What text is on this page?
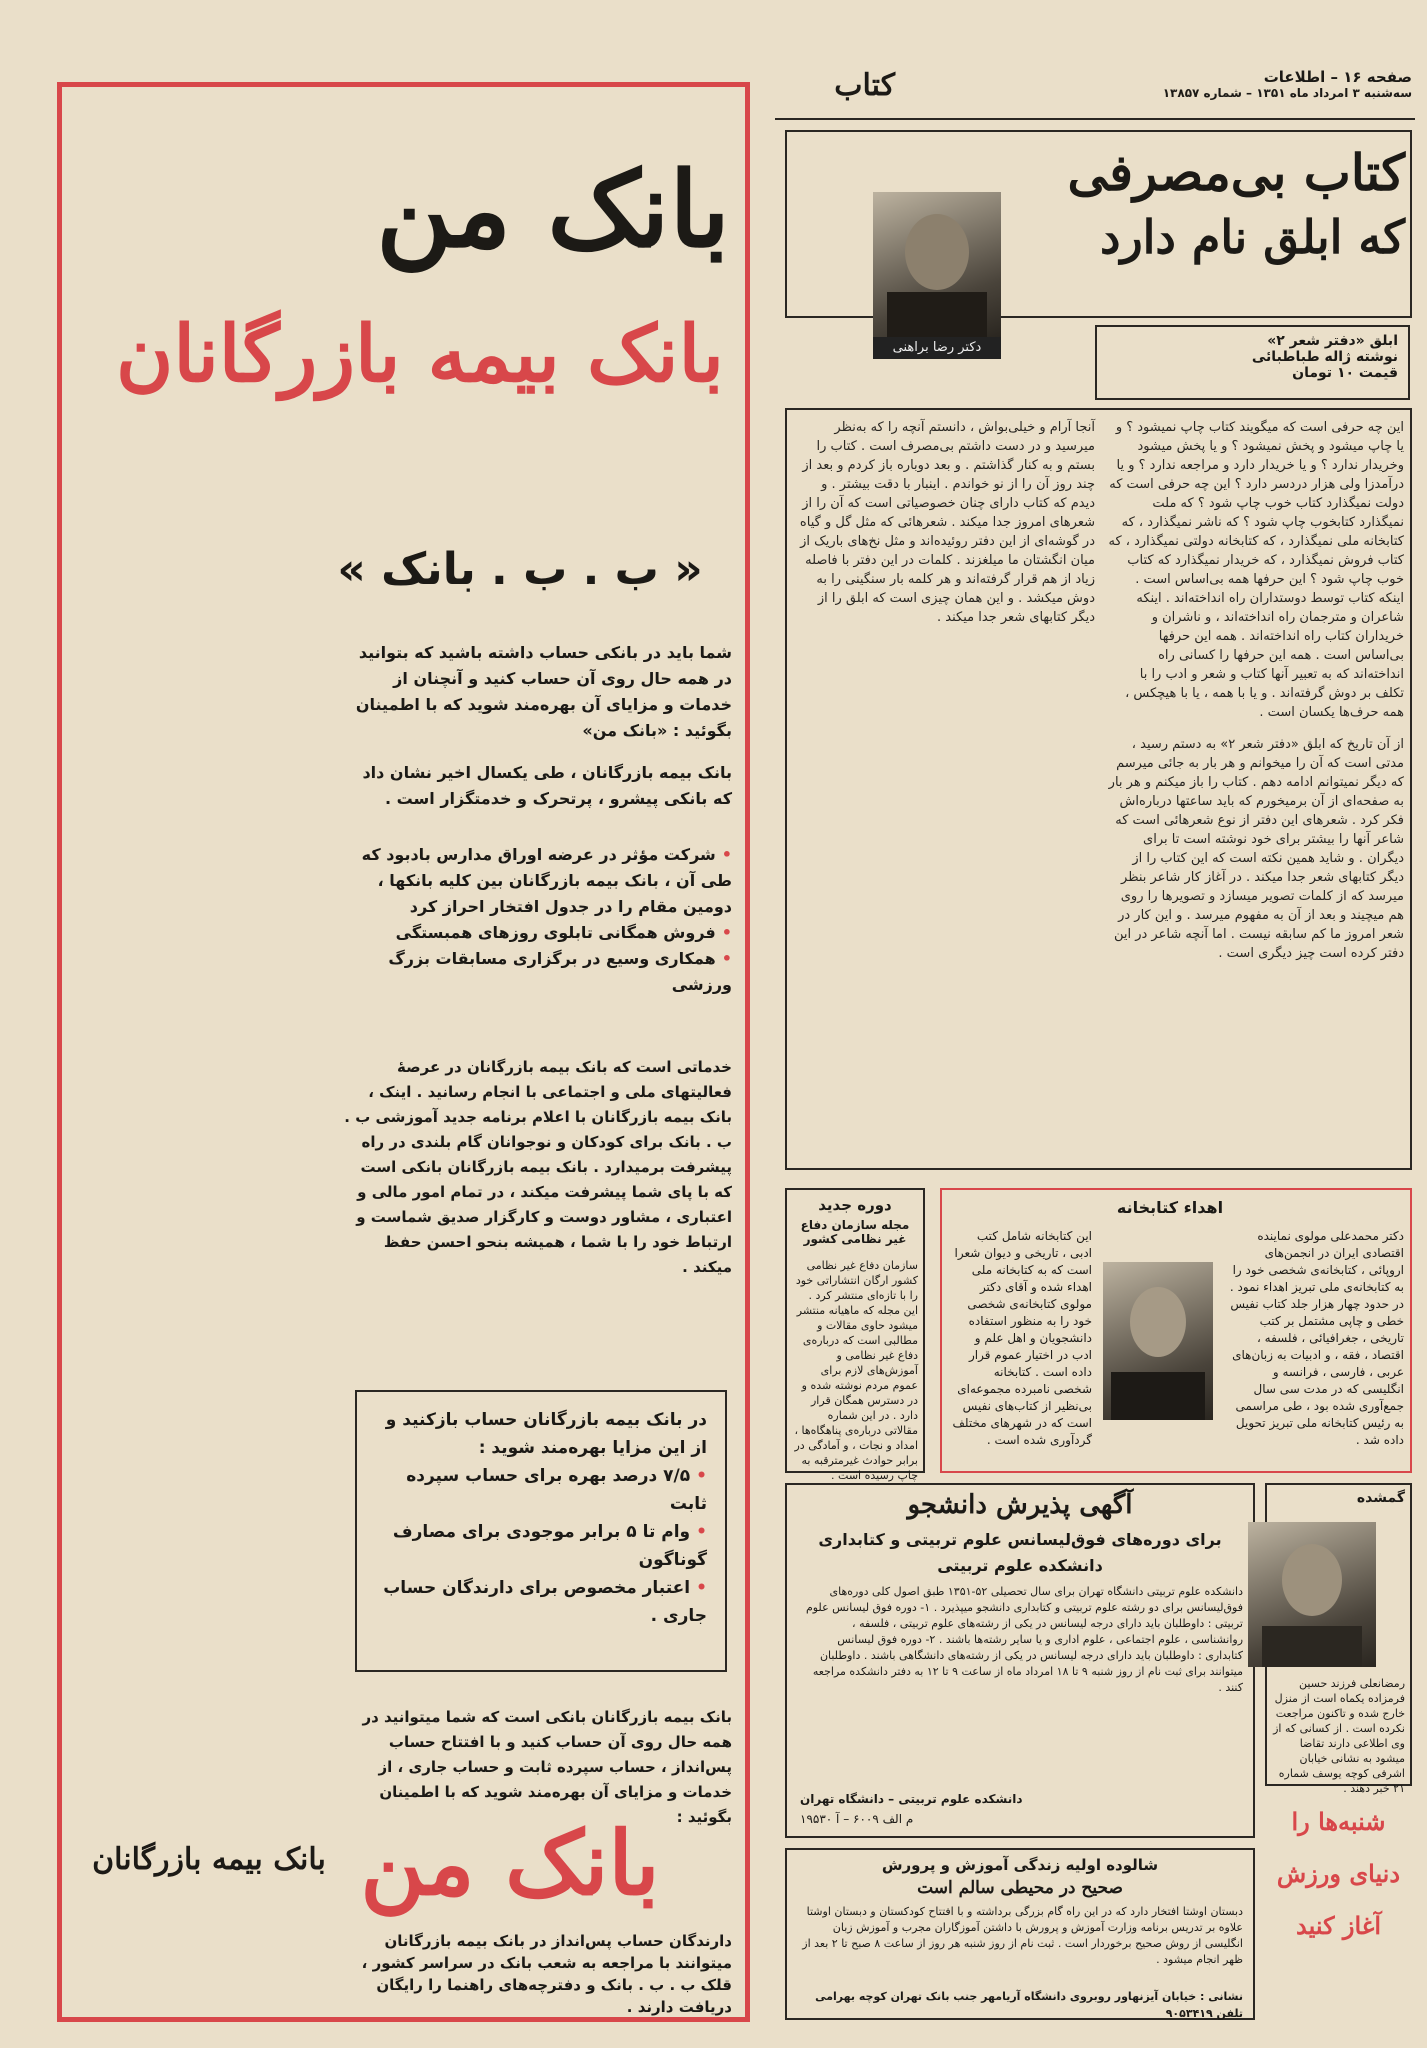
صفحه ۱۶ – اطلاعات
سه‌شنبه ۳ امرداد ماه ۱۳۵۱ – شماره ۱۳۸۵۷
کتاب
کتاب بی‌مصرفی
که ابلق نام دارد
دکتر رضا براهنی	ابلق «دفتر شعر ۲»
نوشته ژاله طباطبائی
قیمت ۱۰ تومان
این چه حرفی است که میگویند کتاب چاپ نمیشود ؟ و یا چاپ میشود و پخش نمیشود ؟ و یا پخش میشود وخریدار ندارد ؟ و یا خریدار دارد و مراجعه ندارد ؟ و یا درآمدزا ولی هزار دردسر دارد ؟ این چه حرفی است که دولت نمیگذارد کتاب خوب چاپ شود ؟ که ملت نمیگذارد کتابخوب چاپ شود ؟ که ناشر نمیگذارد ، که کتابخانه ملی نمیگذارد ، که کتابخانه دولتی نمیگذارد ، که کتاب فروش نمیگذارد ، که خریدار نمیگذارد که کتاب خوب چاپ شود ؟ این حرفها همه بی‌اساس است . اینکه کتاب توسط دوستداران راه انداخته‌اند . اینکه شاعران و مترجمان راه انداخته‌اند ، و ناشران و خریداران کتاب راه انداخته‌اند . همه این حرفها بی‌اساس است . همه این حرفها را کسانی راه انداخته‌اند که به تعبیر آنها کتاب و شعر و ادب را با تکلف بر دوش گرفته‌اند . و یا با همه ، یا با هیچکس ، همه حرف‌ها یکسان است .
از آن تاریخ که ابلق «دفتر شعر ۲» به دستم رسید ، مدتی است که آن را میخوانم و هر بار به جائی میرسم که دیگر نمیتوانم ادامه دهم . کتاب را باز میکنم و هر بار به صفحه‌ای از آن برمیخورم که باید ساعتها درباره‌اش فکر کرد . شعرهای این دفتر از نوع شعرهائی است که شاعر آنها را بیشتر برای خود نوشته است تا برای دیگران . و شاید همین نکته است که این کتاب را از دیگر کتابهای شعر جدا میکند . در آغاز کار شاعر بنظر میرسد که از کلمات تصویر میسازد و تصویرها را روی هم میچیند و بعد از آن به مفهوم میرسد . و این کار در شعر امروز ما کم سابقه نیست . اما آنچه شاعر در این دفتر کرده است چیز دیگری است .
آنجا آرام و خیلی‌بواش ، دانستم آنچه را که به‌نظر میرسید و در دست داشتم بی‌مصرف است . کتاب را بستم و به کنار گذاشتم . و بعد دوباره باز کردم و بعد از چند روز آن را از نو خواندم . اینبار با دقت بیشتر . و دیدم که کتاب دارای چنان خصوصیاتی است که آن را از شعرهای امروز جدا میکند . شعرهائی که مثل گل و گیاه در گوشه‌ای از این دفتر روئیده‌اند و مثل نخ‌های باریک از میان انگشتان ما میلغزند . کلمات در این دفتر با فاصله زیاد از هم قرار گرفته‌اند و هر کلمه بار سنگینی را به دوش میکشد . و این همان چیزی است که ابلق را از دیگر کتابهای شعر جدا میکند .
اهداء کتابخانه
دکتر محمدعلی مولوی نماینده اقتصادی ایران در انجمن‌های اروپائی ، کتابخانه‌ی شخصی خود را به کتابخانه‌ی ملی تبریز اهداء نمود . در حدود چهار هزار جلد کتاب نفیس خطی و چاپی مشتمل بر کتب تاریخی ، جغرافیائی ، فلسفه ، اقتصاد ، فقه ، و ادبیات به زبان‌های عربی ، فارسی ، فرانسه و انگلیسی که در مدت سی سال جمع‌آوری شده بود ، طی مراسمی به رئیس کتابخانه ملی تبریز تحویل داده شد .
این کتابخانه شامل کتب ادبی ، تاریخی و دیوان شعرا است که به کتابخانه ملی اهداء شده و آقای دکتر مولوی کتابخانه‌ی شخصی خود را به منظور استفاده دانشجویان و اهل علم و ادب در اختیار عموم قرار داده است . کتابخانه شخصی نامبرده مجموعه‌ای بی‌نظیر از کتاب‌های نفیس است که در شهرهای مختلف گردآوری شده است .
دوره جدید
مجله سازمان دفاع غیر نظامی کشور
سازمان دفاع غیر نظامی کشور ارگان انتشاراتی خود را با تازه‌ای منتشر کرد . این مجله که ماهیانه منتشر میشود حاوی مقالات و مطالبی است که درباره‌ی دفاع غیر نظامی و آموزش‌های لازم برای عموم مردم نوشته شده و در دسترس همگان قرار دارد . در این شماره مقالاتی درباره‌ی پناهگاه‌ها ، امداد و نجات ، و آمادگی در برابر حوادث غیرمترقبه به چاپ رسیده است .
آگهی پذیرش دانشجو
برای دوره‌های فوق‌لیسانس علوم تربیتی و کتابداری
دانشکده علوم تربیتی
دانشکده علوم تربیتی دانشگاه تهران برای سال تحصیلی ۵۲-۱۳۵۱ طبق اصول کلی دوره‌های فوق‌لیسانس برای دو رشته علوم تربیتی و کتابداری دانشجو میپذیرد . ۱- دوره فوق لیسانس علوم تربیتی : داوطلبان باید دارای درجه لیسانس در یکی از رشته‌های علوم تربیتی ، فلسفه ، روانشناسی ، علوم اجتماعی ، علوم اداری و یا سایر رشته‌ها باشند . ۲- دوره فوق لیسانس کتابداری : داوطلبان باید دارای درجه لیسانس در یکی از رشته‌های دانشگاهی باشند . داوطلبان میتوانند برای ثبت نام از روز شنبه ۹ تا ۱۸ امرداد ماه از ساعت ۹ تا ۱۲ به دفتر دانشکده مراجعه کنند .
دانشکده علوم تربیتی – دانشگاه تهران
م الف ۶۰۰۹ – آ ۱۹۵۳۰
گمشده
رمضانعلی فرزند حسین فرمزاده یکماه است از منزل خارج شده و تاکنون مراجعت نکرده است . از کسانی که از وی اطلاعی دارند تقاضا میشود به نشانی خیابان اشرفی کوچه یوسف شماره ۲۱ خبر دهند .
شالوده اولیه زندگی آموزش و پرورش
صحیح در محیطی سالم است
دبستان اوشتا افتخار دارد که در این راه گام بزرگی برداشته و با افتتاح کودکستان و دبستان اوشتا علاوه بر تدریس برنامه وزارت آموزش و پرورش با داشتن آموزگاران مجرب و آموزش زبان انگلیسی از روش صحیح برخوردار است . ثبت نام از روز شنبه هر روز از ساعت ۸ صبح تا ۲ بعد از ظهر انجام میشود .
نشانی : خیابان آیزنهاور روبروی دانشگاه آریامهر جنب بانک تهران کوچه بهرامی تلفن ۹۰۵۳۴۱۹
شنبه‌ها را
دنیای ورزش
آغاز کنید
بانک من
بانک بیمه بازرگانان
« ب . ب . بانک »
شما باید در بانکی حساب داشته باشید که بتوانید در همه حال روی آن حساب کنید و آنچنان از خدمات و مزایای آن بهره‌مند شوید که با اطمینان بگوئید : «بانک من»
بانک بیمه بازرگانان ، طی یکسال اخیر نشان داد که بانکی پیشرو ، پرتحرک و خدمتگزار است .
•شرکت مؤثر در عرضه اوراق مدارس بادبود که طی آن ، بانک بیمه بازرگانان بین کلیه بانکها ، دومین مقام را در جدول افتخار احراز کرد
•فروش همگانی تابلوی روزهای همبستگی
•همکاری وسیع در برگزاری مسابقات بزرگ ورزشی
خدماتی است که بانک بیمه بازرگانان در عرصهٔ فعالیتهای ملی و اجتماعی با انجام رسانید . اینک ، بانک بیمه بازرگانان با اعلام برنامه جدید آموزشی ب . ب . بانک برای کودکان و نوجوانان گام بلندی در راه پیشرفت برمیدارد . بانک بیمه بازرگانان بانکی است که با پای شما پیشرفت میکند ، در تمام امور مالی و اعتباری ، مشاور دوست و کارگزار صدیق شماست و ارتباط خود را با شما ، همیشه بنحو احسن حفظ میکند .
در بانک بیمه بازرگانان حساب بازکنید و از این مزایا بهره‌مند شوید :
•۷/۵ درصد بهره برای حساب سپرده ثابت
•وام تا ۵ برابر موجودی برای مصارف گوناگون
•اعتبار مخصوص برای دارندگان حساب جاری .
بانک بیمه بازرگانان بانکی است که شما میتوانید در همه حال روی آن حساب کنید و با افتتاح حساب پس‌انداز ، حساب سپرده ثابت و حساب جاری ، از خدمات و مزایای آن بهره‌مند شوید که با اطمینان بگوئید :
بانک من
بانک بیمه بازرگانان
دارندگان حساب پس‌انداز در بانک بیمه بازرگانان میتوانند با مراجعه به شعب بانک در سراسر کشور ، قلک ب . ب . بانک و دفترچه‌های راهنما را رایگان دریافت دارند .
